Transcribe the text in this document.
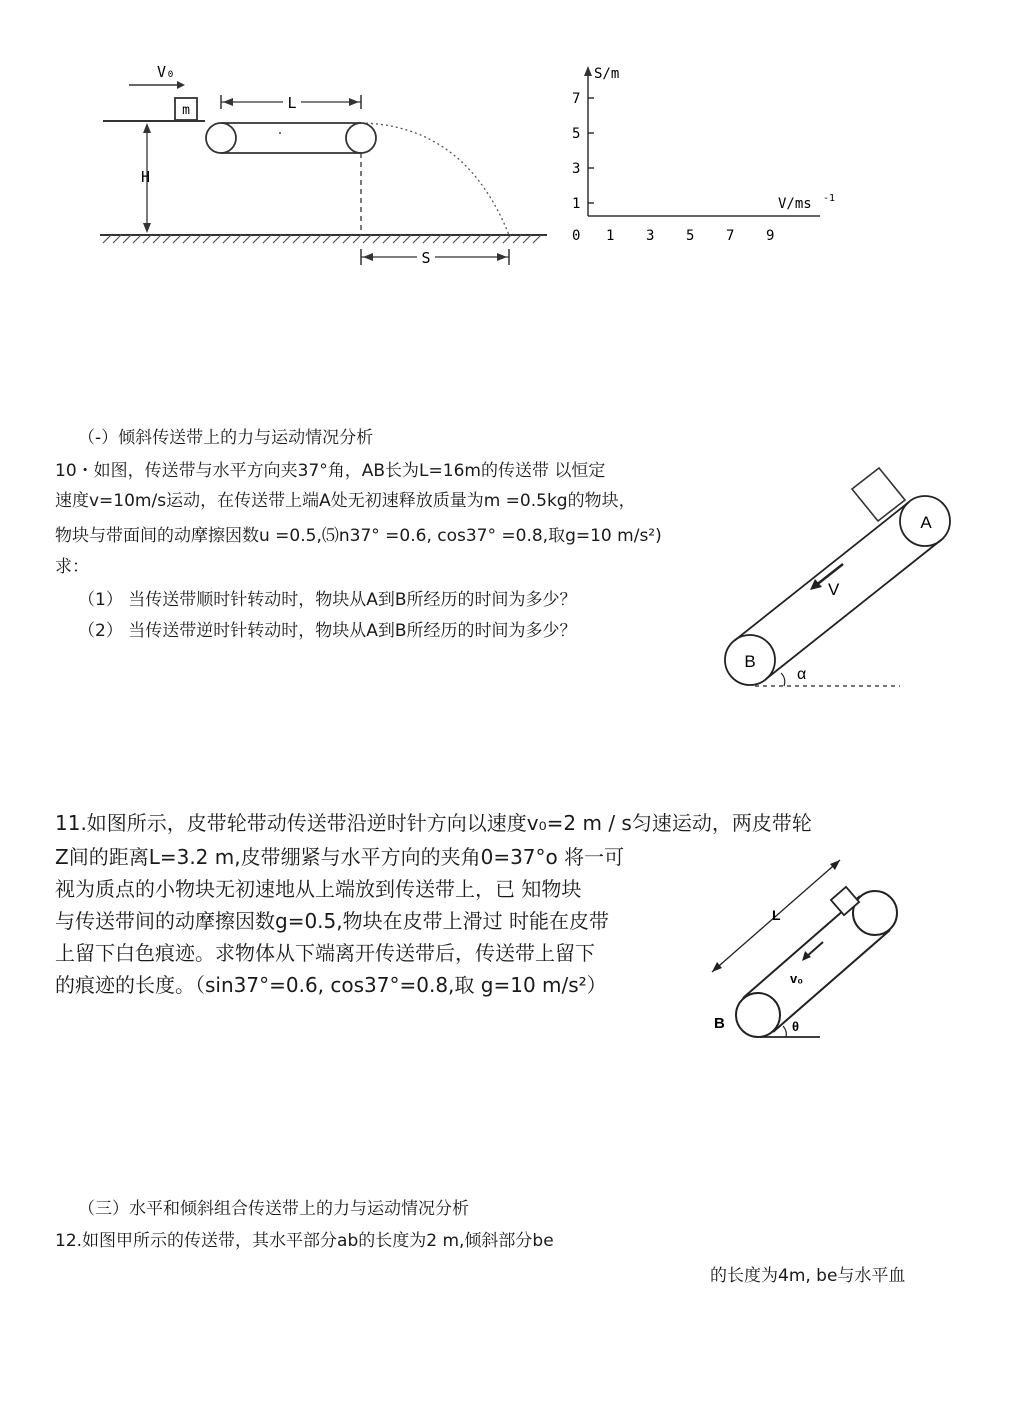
m
V₀
H
L
S
S/m
V/ms -1
7
5
3
1
0 1 3 5 7 9
（-）倾斜传送带上的力与运动情况分析
10・如图，传送带与水平方向夹37°角，AB长为L=16m的传送带 以恒定
速度v=10m/s运动，在传送带上端A处无初速释放质量为m =0.5kg的物块，
物块与带面间的动摩擦因数u =0.5,⑸n37° =0.6, cos37° =0.8,取g=10 m/s²)
求：
（1） 当传送带顺时针转动时，物块从A到B所经历的时间为多少？
（2） 当传送带逆时针转动时，物块从A到B所经历的时间为多少？
A
B
V
α
11.如图所示，皮带轮带动传送带沿逆时针方向以速度v₀=2 m / s匀速运动，两皮带轮
Z间的距离L=3.2 m,皮带绷紧与水平方向的夹角0=37°o 将一可
视为质点的小物块无初速地从上端放到传送带上，已 知物块
与传送带间的动摩擦因数g=0.5,物块在皮带上滑过 时能在皮带
上留下白色痕迹。求物体从下端离开传送带后，传送带上留下
的痕迹的长度。（sin37°=0.6, cos37°=0.8,取 g=10 m/s²）
L
v₀
B	θ
（三）水平和倾斜组合传送带上的力与运动情况分析
12.如图甲所示的传送带，其水平部分ab的长度为2 m,倾斜部分be
的长度为4m, be与水平血
